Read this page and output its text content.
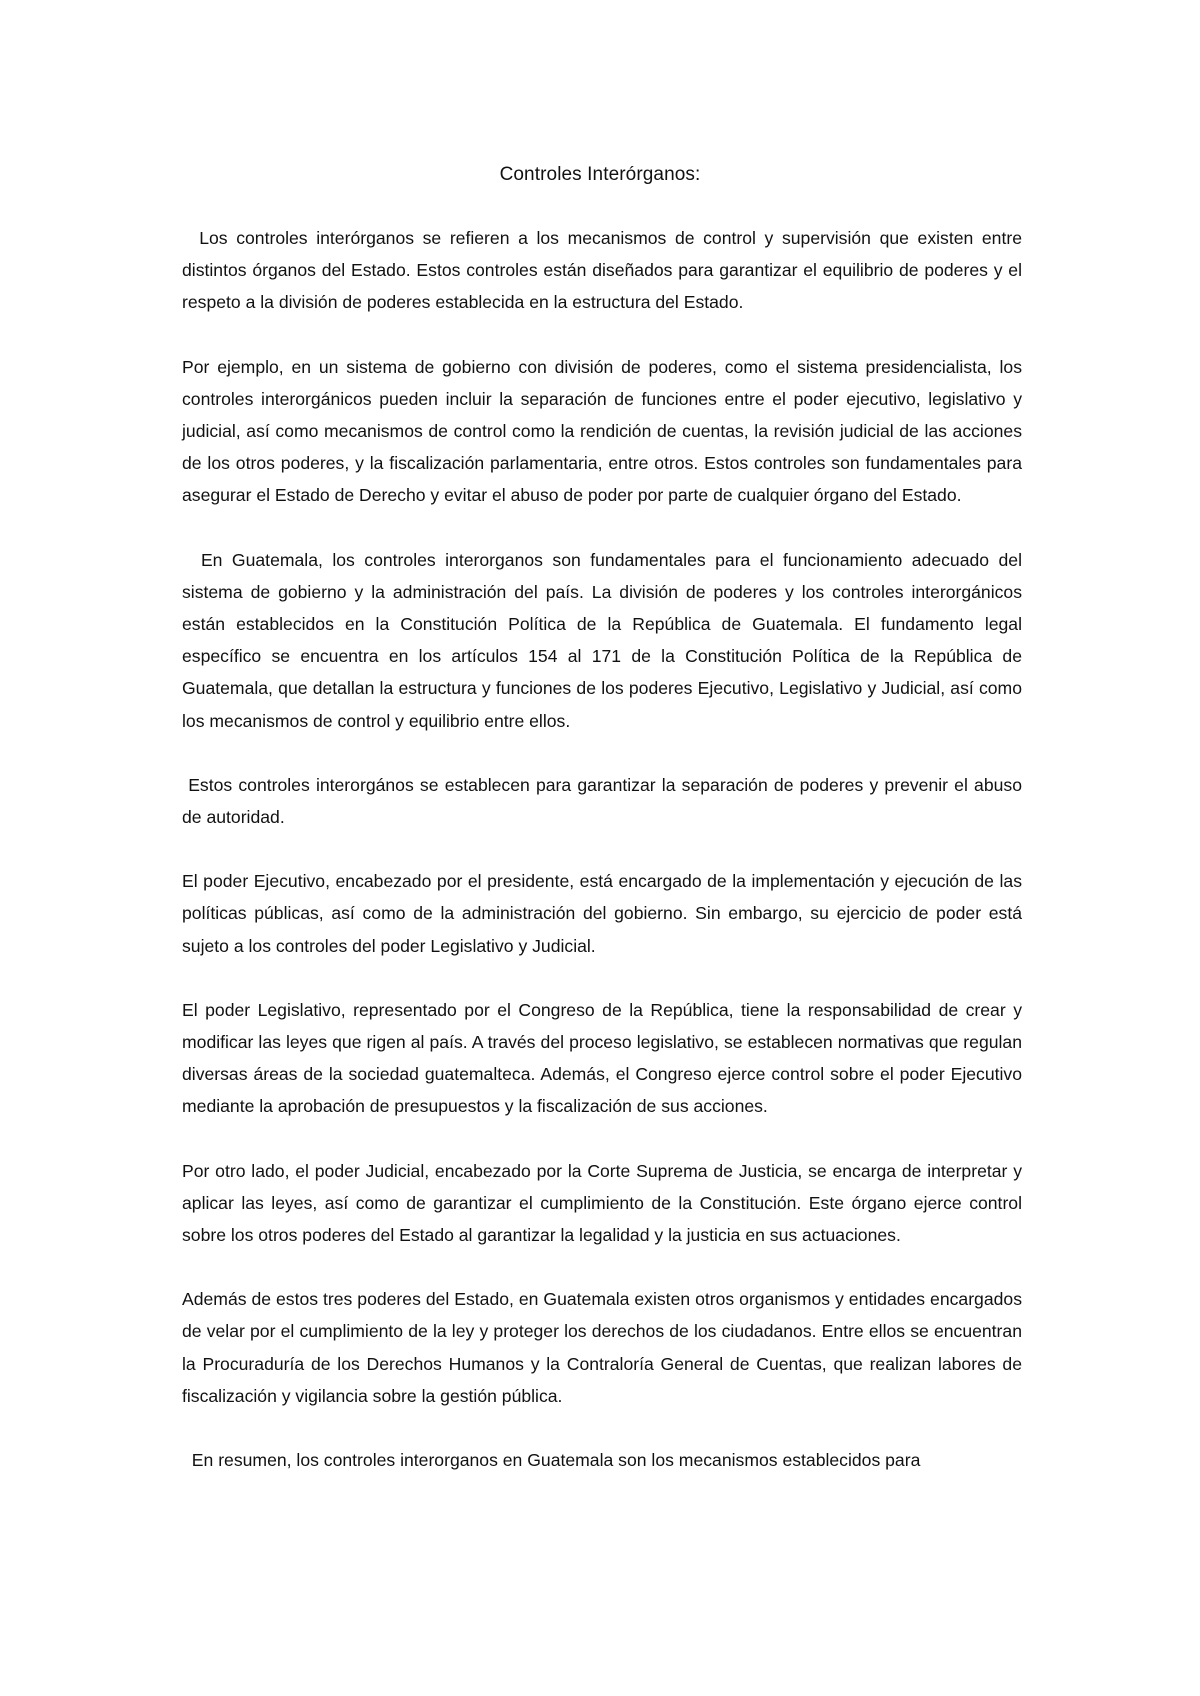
Controles Interórganos:

Los controles interórganos se refieren a los mecanismos de control y supervisión que existen entre distintos órganos del Estado. Estos controles están diseñados para garantizar el equilibrio de poderes y el respeto a la división de poderes establecida en la estructura del Estado.

Por ejemplo, en un sistema de gobierno con división de poderes, como el sistema presidencialista, los controles interorgánicos pueden incluir la separación de funciones entre el poder ejecutivo, legislativo y judicial, así como mecanismos de control como la rendición de cuentas, la revisión judicial de las acciones de los otros poderes, y la fiscalización parlamentaria, entre otros. Estos controles son fundamentales para asegurar el Estado de Derecho y evitar el abuso de poder por parte de cualquier órgano del Estado.

En Guatemala, los controles interorganos son fundamentales para el funcionamiento adecuado del sistema de gobierno y la administración del país. La división de poderes y los controles interorgánicos están establecidos en la Constitución Política de la República de Guatemala. El fundamento legal específico se encuentra en los artículos 154 al 171 de la Constitución Política de la República de Guatemala, que detallan la estructura y funciones de los poderes Ejecutivo, Legislativo y Judicial, así como los mecanismos de control y equilibrio entre ellos.

Estos controles interorgános se establecen para garantizar la separación de poderes y prevenir el abuso de autoridad.

El poder Ejecutivo, encabezado por el presidente, está encargado de la implementación y ejecución de las políticas públicas, así como de la administración del gobierno. Sin embargo, su ejercicio de poder está sujeto a los controles del poder Legislativo y Judicial.

El poder Legislativo, representado por el Congreso de la República, tiene la responsabilidad de crear y modificar las leyes que rigen al país. A través del proceso legislativo, se establecen normativas que regulan diversas áreas de la sociedad guatemalteca. Además, el Congreso ejerce control sobre el poder Ejecutivo mediante la aprobación de presupuestos y la fiscalización de sus acciones.

Por otro lado, el poder Judicial, encabezado por la Corte Suprema de Justicia, se encarga de interpretar y aplicar las leyes, así como de garantizar el cumplimiento de la Constitución. Este órgano ejerce control sobre los otros poderes del Estado al garantizar la legalidad y la justicia en sus actuaciones.

Además de estos tres poderes del Estado, en Guatemala existen otros organismos y entidades encargados de velar por el cumplimiento de la ley y proteger los derechos de los ciudadanos. Entre ellos se encuentran la Procuraduría de los Derechos Humanos y la Contraloría General de Cuentas, que realizan labores de fiscalización y vigilancia sobre la gestión pública.

En resumen, los controles interorganos en Guatemala son los mecanismos establecidos para
